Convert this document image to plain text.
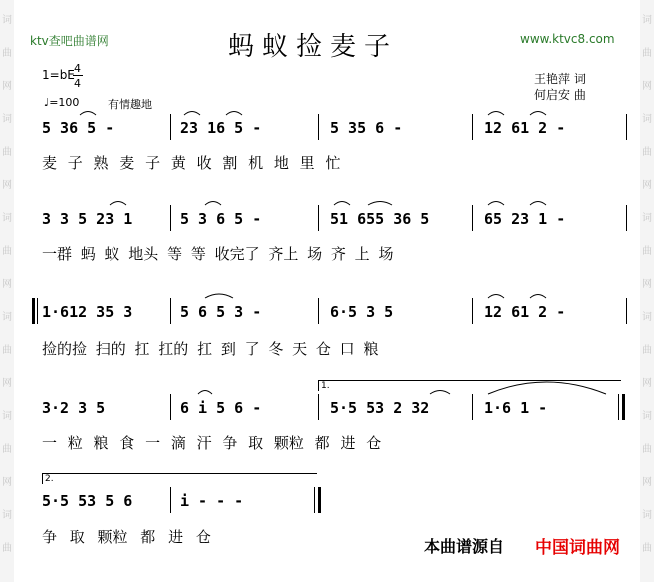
词
曲
网
词
曲
网
词
曲
网
词
曲
网
词
曲
网
词
曲
词
曲
网
词
曲
网
词
曲
网
词
曲
网
词
曲
网
词
曲
ktv查吧曲谱网	www.ktvc8.com
蚂蚁捡麦子
1=bE 4
4
♩=100	有情趣地
王艳萍 词
何启安 曲
5 36 5 -	23 16 5 -	5 35 6 -	12 61 2 -
麦 子 熟 麦 子 黄 收 割 机 地 里 忙
3 3 5 23 1	5 3 6 5 -	51 655 36 5	65 23 1 -
一群 蚂 蚁 地头 等 等 收完了 齐上 场 齐 上 场
1·612 35 3	5 6 5 3 -	6·5 3 5	12 61 2 -
捡的捡 扫的 扛 扛的 扛 到 了 冬 天 仓 口 粮
3·2 3 5	6 i 5 6 -	5·5 53 2 32	1·6 1 -
一 粒 粮 食 一 滴 汗 争 取 颗粒 都 进 仓
5·5 53 5 6	i - - -
争 取 颗粒 都 进 仓
1.
2.
本曲谱源自 中国词曲网
